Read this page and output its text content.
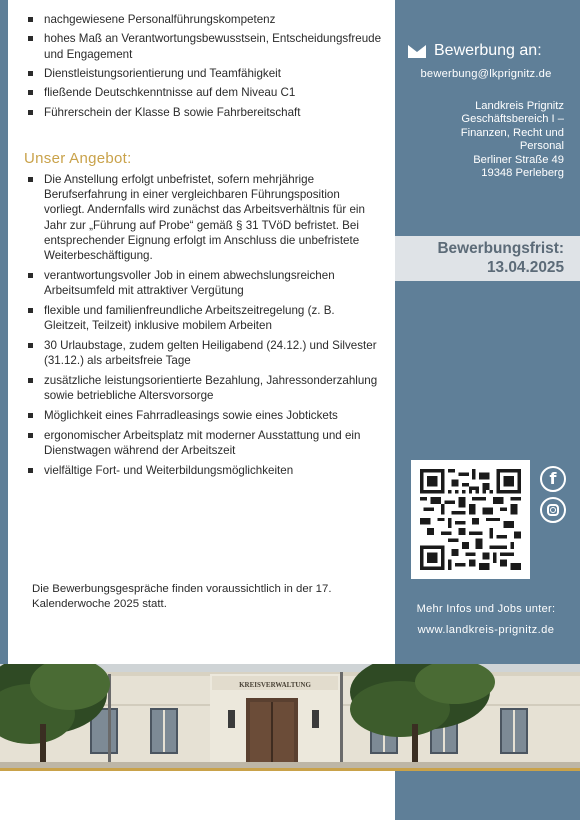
nachgewiesene Personalführungskompetenz
hohes Maß an Verantwortungsbewusstsein, Entscheidungsfreude und Engagement
Dienstleistungsorientierung und Teamfähigkeit
fließende Deutschkenntnisse auf dem Niveau C1
Führerschein der Klasse B sowie Fahrbereitschaft
Unser Angebot:
Die Anstellung erfolgt unbefristet, sofern mehrjährige Berufserfahrung in einer vergleichbaren Führungsposition vorliegt. Andernfalls wird zunächst das Arbeitsverhältnis für ein Jahr zur „Führung auf Probe“ gemäß § 31 TVöD befristet. Bei entsprechender Eignung erfolgt im Anschluss die unbefristete Weiterbeschäftigung.
verantwortungsvoller Job in einem abwechslungsreichen Arbeitsumfeld mit attraktiver Vergütung
flexible und familienfreundliche Arbeitszeitregelung (z. B. Gleitzeit, Teilzeit) inklusive mobilem Arbeiten
30 Urlaubstage, zudem gelten Heiligabend (24.12.) und Silvester (31.12.) als arbeitsfreie Tage
zusätzliche leistungsorientierte Bezahlung, Jahressonderzahlung sowie betriebliche Altersvorsorge
Möglichkeit eines Fahrradleasings sowie eines Jobtickets
ergonomischer Arbeitsplatz mit moderner Ausstattung und ein Dienstwagen während der Arbeitszeit
vielfältige Fort- und Weiterbildungsmöglichkeiten

Die Bewerbungsgespräche finden voraussichtlich in der 17. Kalenderwoche 2025 statt.

Bewerbung an:
bewerbung@lkprignitz.de
Landkreis Prignitz
Geschäftsbereich I –
Finanzen, Recht und
Personal
Berliner Straße 49
19348 Perleberg
Bewerbungsfrist:
13.04.2025
f
Mehr Infos und Jobs unter:
www.landkreis-prignitz.de
KREISVERWALTUNG
